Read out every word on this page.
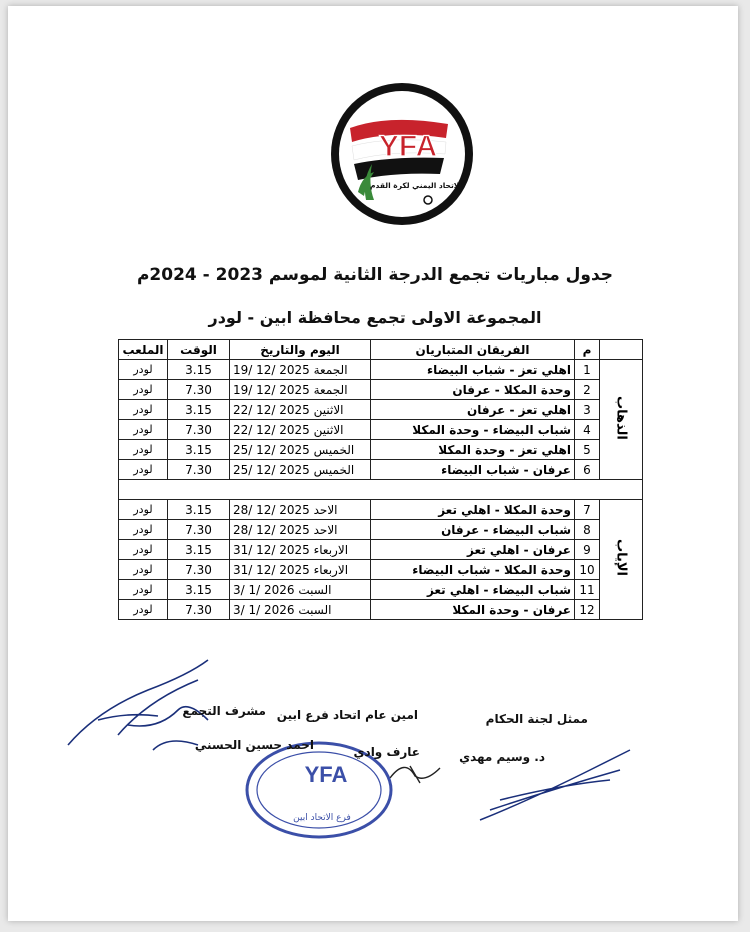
YFA
الاتحاد اليمني لكرة القدم
جدول مباريات تجمع الدرجة الثانية لموسم 2023 - 2024م
المجموعة الاولى تجمع محافظة ابين - لودر
	م	الفريقان المتباريان	اليوم والتاريخ	الوقت	الملعب
الذهاب	1	اهلي تعز - شباب البيضاء	الجمعة 19/ 12/ 2025	3.15	لودر
	2	وحدة المكلا - عرفان	الجمعة 19/ 12/ 2025	7.30	لودر
	3	اهلي تعز - عرفان	الاثنين 22/ 12/ 2025	3.15	لودر
	4	شباب البيضاء - وحدة المكلا	الاثنين 22/ 12/ 2025	7.30	لودر
	5	اهلي تعز - وحدة المكلا	الخميس 25/ 12/ 2025	3.15	لودر
	6	عرفان - شباب البيضاء	الخميس 25/ 12/ 2025	7.30	لودر

الإياب	7	وحدة المكلا - اهلي تعز	الاحد 28/ 12/ 2025	3.15	لودر
	8	شباب البيضاء - عرفان	الاحد 28/ 12/ 2025	7.30	لودر
	9	عرفان - اهلي تعز	الاربعاء 31/ 12/ 2025	3.15	لودر
	10	وحدة المكلا - شباب البيضاء	الاربعاء 31/ 12/ 2025	7.30	لودر
	11	شباب البيضاء - اهلي تعز	السبت 3/ 1/ 2026	3.15	لودر
	12	عرفان - وحدة المكلا	السبت 3/ 1/ 2026	7.30	لودر
YFA
فرع الاتحاد ابين
ممثل لجنة الحكام
د. وسيم مهدي
امين عام اتحاد فرع ابين
عارف وادي
مشرف التجمع
احمد حسين الحسني
